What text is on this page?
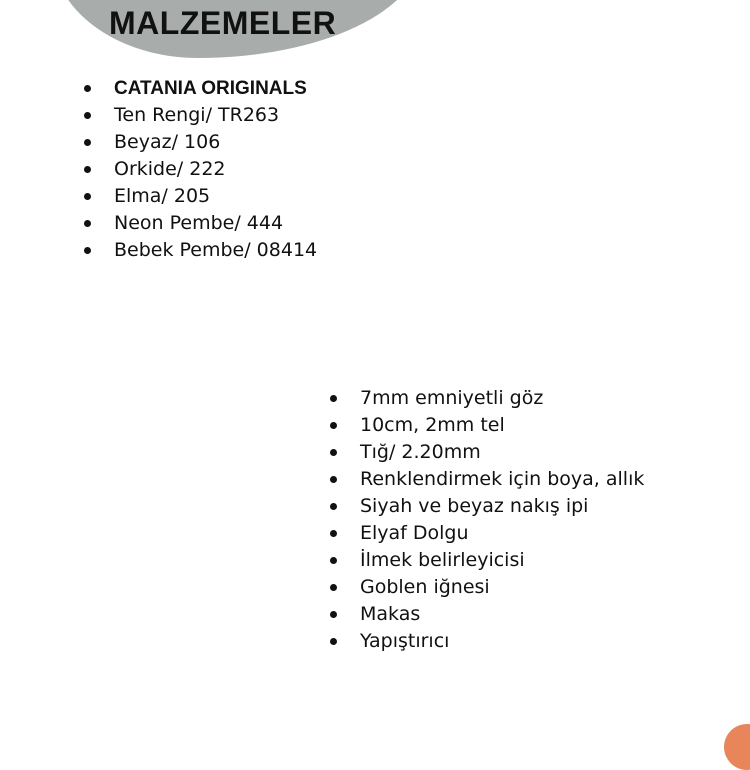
MALZEMELER
CATANIA ORIGINALS
Ten Rengi/ TR263
Beyaz/ 106
Orkide/ 222
Elma/ 205
Neon Pembe/ 444
Bebek Pembe/ 08414
7mm emniyetli göz
10cm, 2mm tel
Tığ/ 2.20mm
Renklendirmek için boya, allık
Siyah ve beyaz nakış ipi
Elyaf Dolgu
İlmek belirleyicisi
Goblen iğnesi
Makas
Yapıştırıcı
